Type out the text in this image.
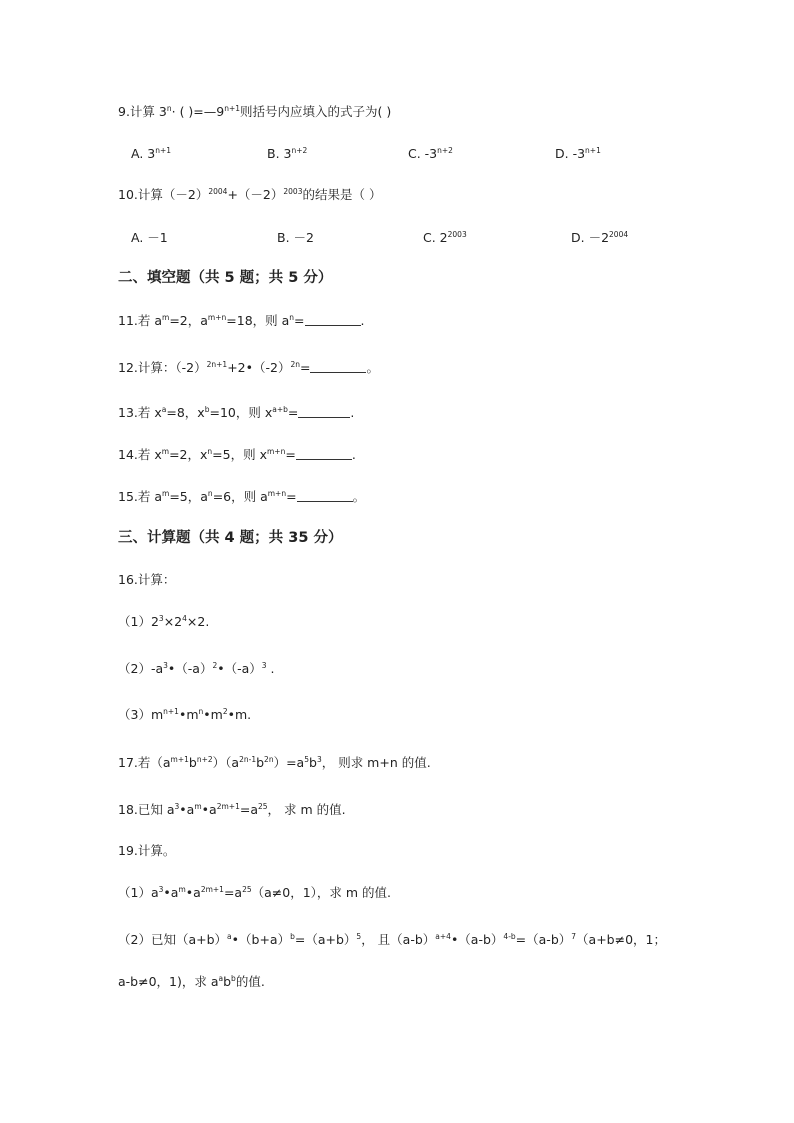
9.计算 $3^n\cdot$ ( )$=—9^{n+1}$则括号内应填入的式子为( )
A. $3^{n+1}$	B. $3^{n+2}$	C. $-3^{n+2}$	D. $-3^{n+1}$
10.计算$(-2)^{2004}+(-2)^{2003}$的结果是（ ）
A. －1	B. －2	C. $2^{2003}$	D. $-2^{2004}$
二、填空题（共 5 题；共 5 分）
11.若 $a^m=2$，$a^{m+n}=18$，则 $a^n=$	.
12.计算：$(-2)^{2n+1}+2•(-2)^{2n}=$	。
13.若 $x^a=8$，$x^b=10$，则 $x^{a+b}=$	.
14.若 $x^m=2$，$x^n=5$，则 $x^{m+n}=$	.
15.若 $a^m=5$，$a^n=6$，则 $a^{m+n}=$	。
三、计算题（共 4 题；共 35 分）
16.计算：
$(1)2^3\times 2^4\times 2$.
$(2)-a^3•(-a)^2•(-a)^3$ .
$(3)m^{n+1}•m^n•m^2•m$.
17.若$(a^{m+1}b^{n+2})(a^{2n-1}b^{2n})=a^5b^3$， 则求 m+n 的值.
18.已知 $a^3•a^m•a^{2m+1}=a^{25}$， 求 m 的值.
19.计算。
$(1)a^3•a^m•a^{2m+1}=a^{25}(a\ne 0$，1），求 m 的值.
（2）已知$(a+b)^a•(b+a)^b=(a+b)^5$， 且$(a-b)^{a+4}•(a-b)^{4-b}=(a-b)^7(a+b\ne 0$，1；
a-b≠0，1)，求 $a^ab^b$的值.
